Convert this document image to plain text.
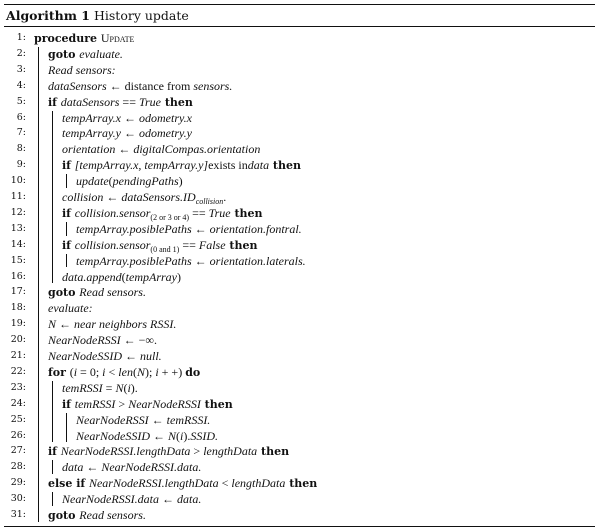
Algorithm 1 History update
1: procedure Update
2: goto evaluate.
3: Read sensors:
4: dataSensors ← distance from sensors.
5: if dataSensors == True then
6:	tempArray.x ← odometry.x
7:	tempArray.y ← odometry.y
8:	orientation ← digitalCompas.orientation
9:	if [tempArray.x, tempArray.y]exists indata then
10:	update(pendingPaths)
11:	collision ← $dataSensors.ID_{collision}$.
12:	if collision.sensor$_{(2 or 3 or 4)}$ == True then
13:	tempArray.posiblePaths ← orientation.fontral.
14:	if collision.sensor$_{(0 and 1)}$ == False then
15:	tempArray.posiblePaths ← orientation.laterals.
16:	data.append(tempArray)
17: goto Read sensors.
18: evaluate:
19: N ← near neighbors RSSI.
20: NearNodeRSSI ← −∞.
21: NearNodeSSID ← null.
22: for (i = 0; i < len(N); i + +) do
23:	temRSSI = N(i).
24:	if temRSSI > NearNodeRSSI then
25:	NearNodeRSSI ← temRSSI.
26:	NearNodeSSID ← N(i).SSID.
27: if NearNodeRSSI.lengthData > lengthData then
28:	data ← NearNodeRSSI.data.
29: else if NearNodeRSSI.lengthData < lengthData then
30:	NearNodeRSSI.data ← data.
31: goto Read sensors.
